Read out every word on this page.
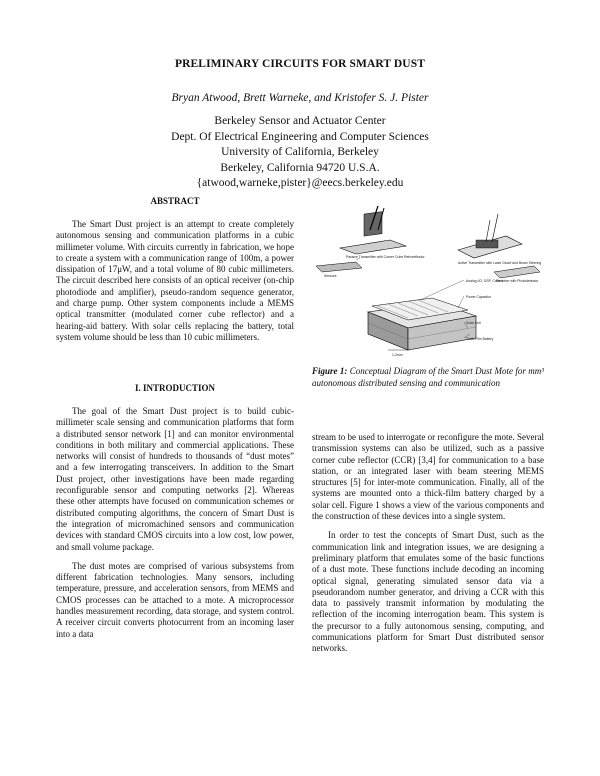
PRELIMINARY CIRCUITS FOR SMART DUST
Bryan Atwood, Brett Warneke, and Kristofer S. J. Pister
Berkeley Sensor and Actuator Center
Dept. Of Electrical Engineering and Computer Sciences
University of California, Berkeley
Berkeley, California 94720 U.S.A.
{atwood,warneke,pister}@eecs.berkeley.edu
ABSTRACT
The Smart Dust project is an attempt to create completely autonomous sensing and communication platforms in a cubic millimeter volume. With circuits currently in fabrication, we hope to create a system with a communication range of 100m, a power dissipation of 17μW, and a total volume of 80 cubic millimeters. The circuit described here consists of an optical receiver (on-chip photodiode and amplifier), pseudo-random sequence generator, and charge pump. Other system components include a MEMS optical transmitter (modulated corner cube reflector) and a hearing-aid battery. With solar cells replacing the battery, total system volume should be less than 10 cubic millimeters.
I. INTRODUCTION
The goal of the Smart Dust project is to build cubic-millimeter scale sensing and communication platforms that form a distributed sensor network [1] and can monitor environmental conditions in both military and commercial applications. These networks will consist of hundreds to thousands of “dust motes” and a few interrogating transceivers. In addition to the Smart Dust project, other investigations have been made regarding reconfigurable sensor and computing networks [2]. Whereas these other attempts have focused on communication schemes or distributed computing algorithms, the concern of Smart Dust is the integration of micromachined sensors and communication devices with standard CMOS circuits into a low cost, low power, and small volume package.
The dust motes are comprised of various subsystems from different fabrication technologies. Many sensors, including temperature, pressure, and acceleration sensors, from MEMS and CMOS processes can be attached to a mote. A microprocessor handles measurement recording, data storage, and system control. A receiver circuit converts photocurrent from an incoming laser into a data
Passive Transmitter with Corner Cube Retroreflector
Active Transmitter with Laser Diode and Beam Steering
Sensors
Receiver with Photodetector
Analog I/O, DSP, Control
Power Capacitor
Solar Cell
Thick-Film Battery
1-2mm
Figure 1: Conceptual Diagram of the Smart Dust Mote for mm³ autonomous distributed sensing and communication
stream to be used to interrogate or reconfigure the mote. Several transmission systems can also be utilized, such as a passive corner cube reflector (CCR) [3,4] for communication to a base station, or an integrated laser with beam steering MEMS structures [5] for inter-mote communication. Finally, all of the systems are mounted onto a thick-film battery charged by a solar cell. Figure 1 shows a view of the various components and the construction of these devices into a single system.
In order to test the concepts of Smart Dust, such as the communication link and integration issues, we are designing a preliminary platform that emulates some of the basic functions of a dust mote. These functions include decoding an incoming optical signal, generating simulated sensor data via a pseudorandom number generator, and driving a CCR with this data to passively transmit information by modulating the reflection of the incoming interrogation beam. This system is the precursor to a fully autonomous sensing, computing, and communications platform for Smart Dust distributed sensor networks.
